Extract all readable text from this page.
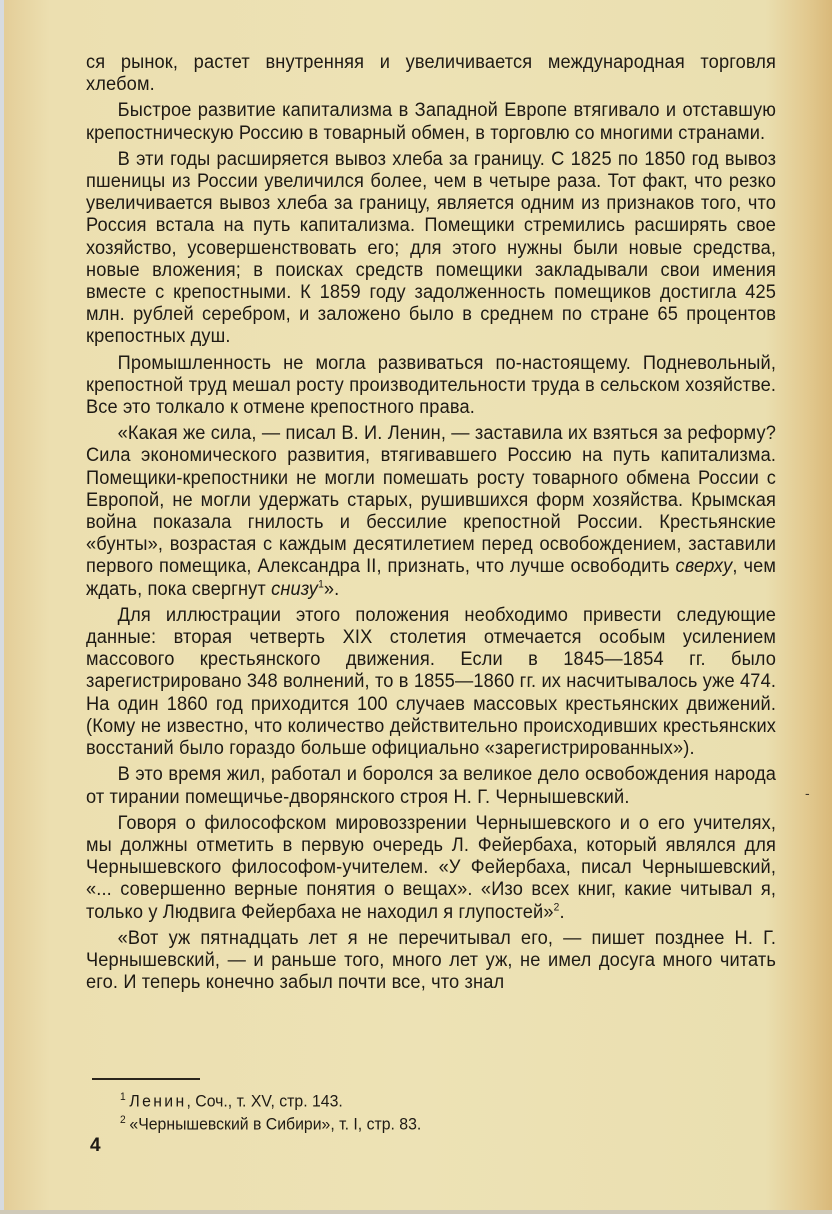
ся рынок, растет внутренняя и увеличивается международная торговля хлебом.

Быстрое развитие капитализма в Западной Европе втягивало и отставшую крепостническую Россию в товарный обмен, в торговлю со многими странами.

В эти годы расширяется вывоз хлеба за границу. С 1825 по 1850 год вывоз пшеницы из России увеличился более, чем в четыре раза. Тот факт, что резко увеличивается вывоз хлеба за границу, является одним из признаков того, что Россия встала на путь капитализма. Помещики стремились расширять свое хозяйство, усовершенствовать его; для этого нужны были новые средства, новые вложения; в поисках средств помещики закладывали свои имения вместе с крепостными. К 1859 году задолженность помещиков достигла 425 млн. рублей серебром, и заложено было в среднем по стране 65 процентов крепостных душ.

Промышленность не могла развиваться по-настоящему. Подневольный, крепостной труд мешал росту производительности труда в сельском хозяйстве. Все это толкало к отмене крепостного права.

«Какая же сила, — писал В. И. Ленин, — заставила их взяться за реформу? Сила экономического развития, втягивавшего Россию на путь капитализма. Помещики-крепостники не могли помешать росту товарного обмена России с Европой, не могли удержать старых, рушившихся форм хозяйства. Крымская война показала гнилость и бессилие крепостной России. Крестьянские «бунты», возрастая с каждым десятилетием перед освобождением, заставили первого помещика, Александра II, признать, что лучше освободить сверху, чем ждать, пока свергнут снизу$^1$».

Для иллюстрации этого положения необходимо привести следующие данные: вторая четверть XIX столетия отмечается особым усилением массового крестьянского движения. Если в 1845—1854 гг. было зарегистрировано 348 волнений, то в 1855—1860 гг. их насчитывалось уже 474. На один 1860 год приходится 100 случаев массовых крестьянских движений. (Кому не известно, что количество действительно происходивших крестьянских восстаний было гораздо больше официально «зарегистрированных»).

В это время жил, работал и боролся за великое дело освобождения народа от тирании помещичье-дворянского строя Н. Г. Чернышевский.

Говоря о философском мировоззрении Чернышевского и о его учителях, мы должны отметить в первую очередь Л. Фейербаха, который являлся для Чернышевского философом-учителем. «У Фейербаха, писал Чернышевский, «... совершенно верные понятия о вещах». «Изо всех книг, какие читывал я, только у Людвига Фейербаха не находил я глупостей»$^2$.

«Вот уж пятнадцать лет я не перечитывал его, — пишет позднее Н. Г. Чернышевский, — и раньше того, много лет уж, не имел досуга много читать его. И теперь конечно забыл почти все, что знал

-
$^1$ Ленин, Соч., т. XV, стр. 143.
$^2$ «Чернышевский в Сибири», т. I, стр. 83.
4
